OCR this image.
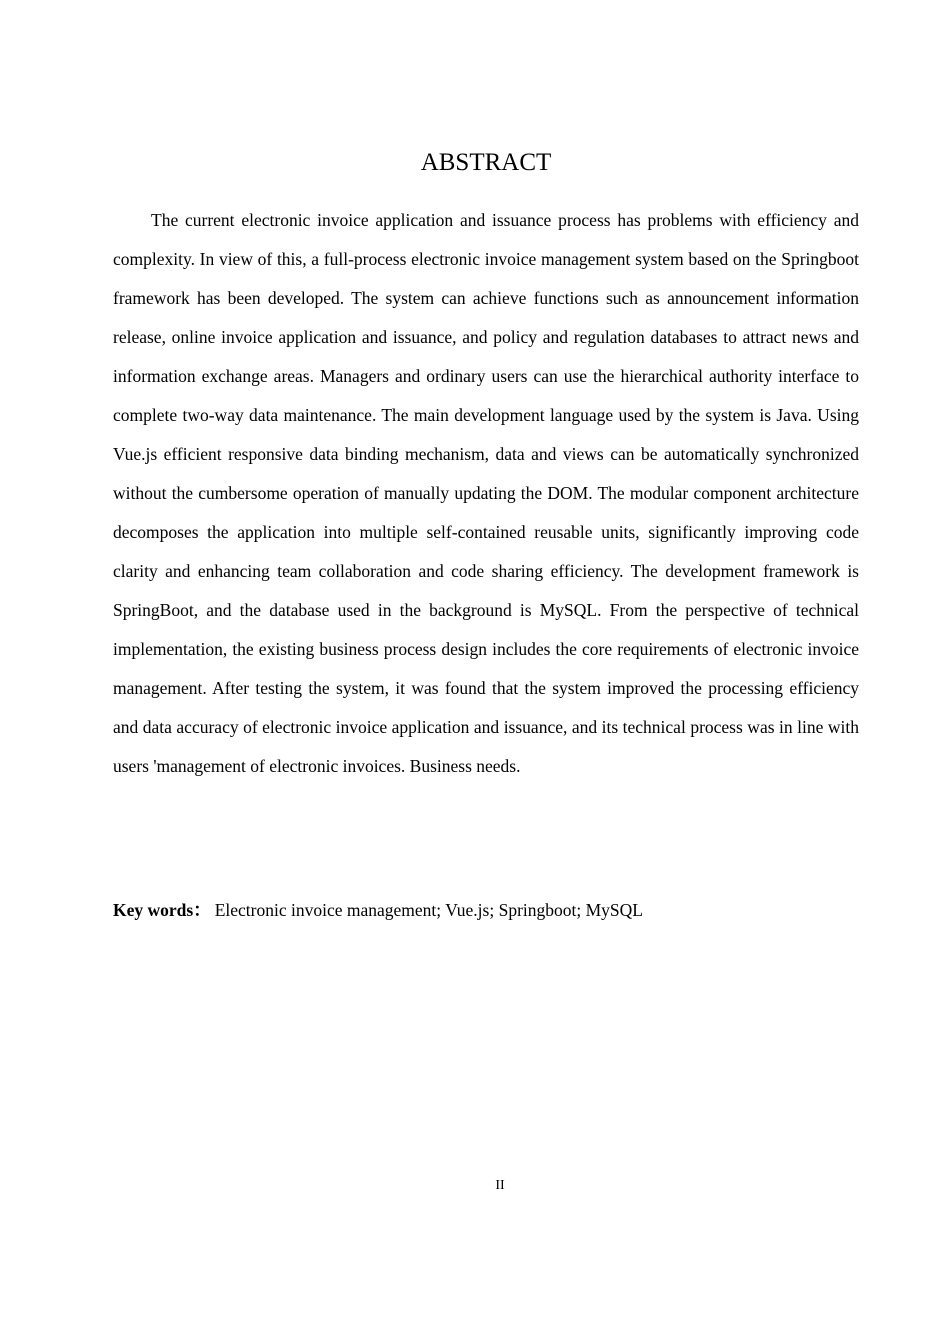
ABSTRACT

The current electronic invoice application and issuance process has problems with efficiency and complexity. In view of this, a full-process electronic invoice management system based on the Springboot framework has been developed. The system can achieve functions such as announcement information release, online invoice application and issuance, and policy and regulation databases to attract news and information exchange areas. Managers and ordinary users can use the hierarchical authority interface to complete two-way data maintenance. The main development language used by the system is Java. Using Vue.js efficient responsive data binding mechanism, data and views can be automatically synchronized without the cumbersome operation of manually updating the DOM. The modular component architecture decomposes the application into multiple self-contained reusable units, significantly improving code clarity and enhancing team collaboration and code sharing efficiency. The development framework is SpringBoot, and the database used in the background is MySQL. From the perspective of technical implementation, the existing business process design includes the core requirements of electronic invoice management. After testing the system, it was found that the system improved the processing efficiency and data accuracy of electronic invoice application and issuance, and its technical process was in line with users 'management of electronic invoices. Business needs.

Key words： Electronic invoice management; Vue.js; Springboot; MySQL

II
